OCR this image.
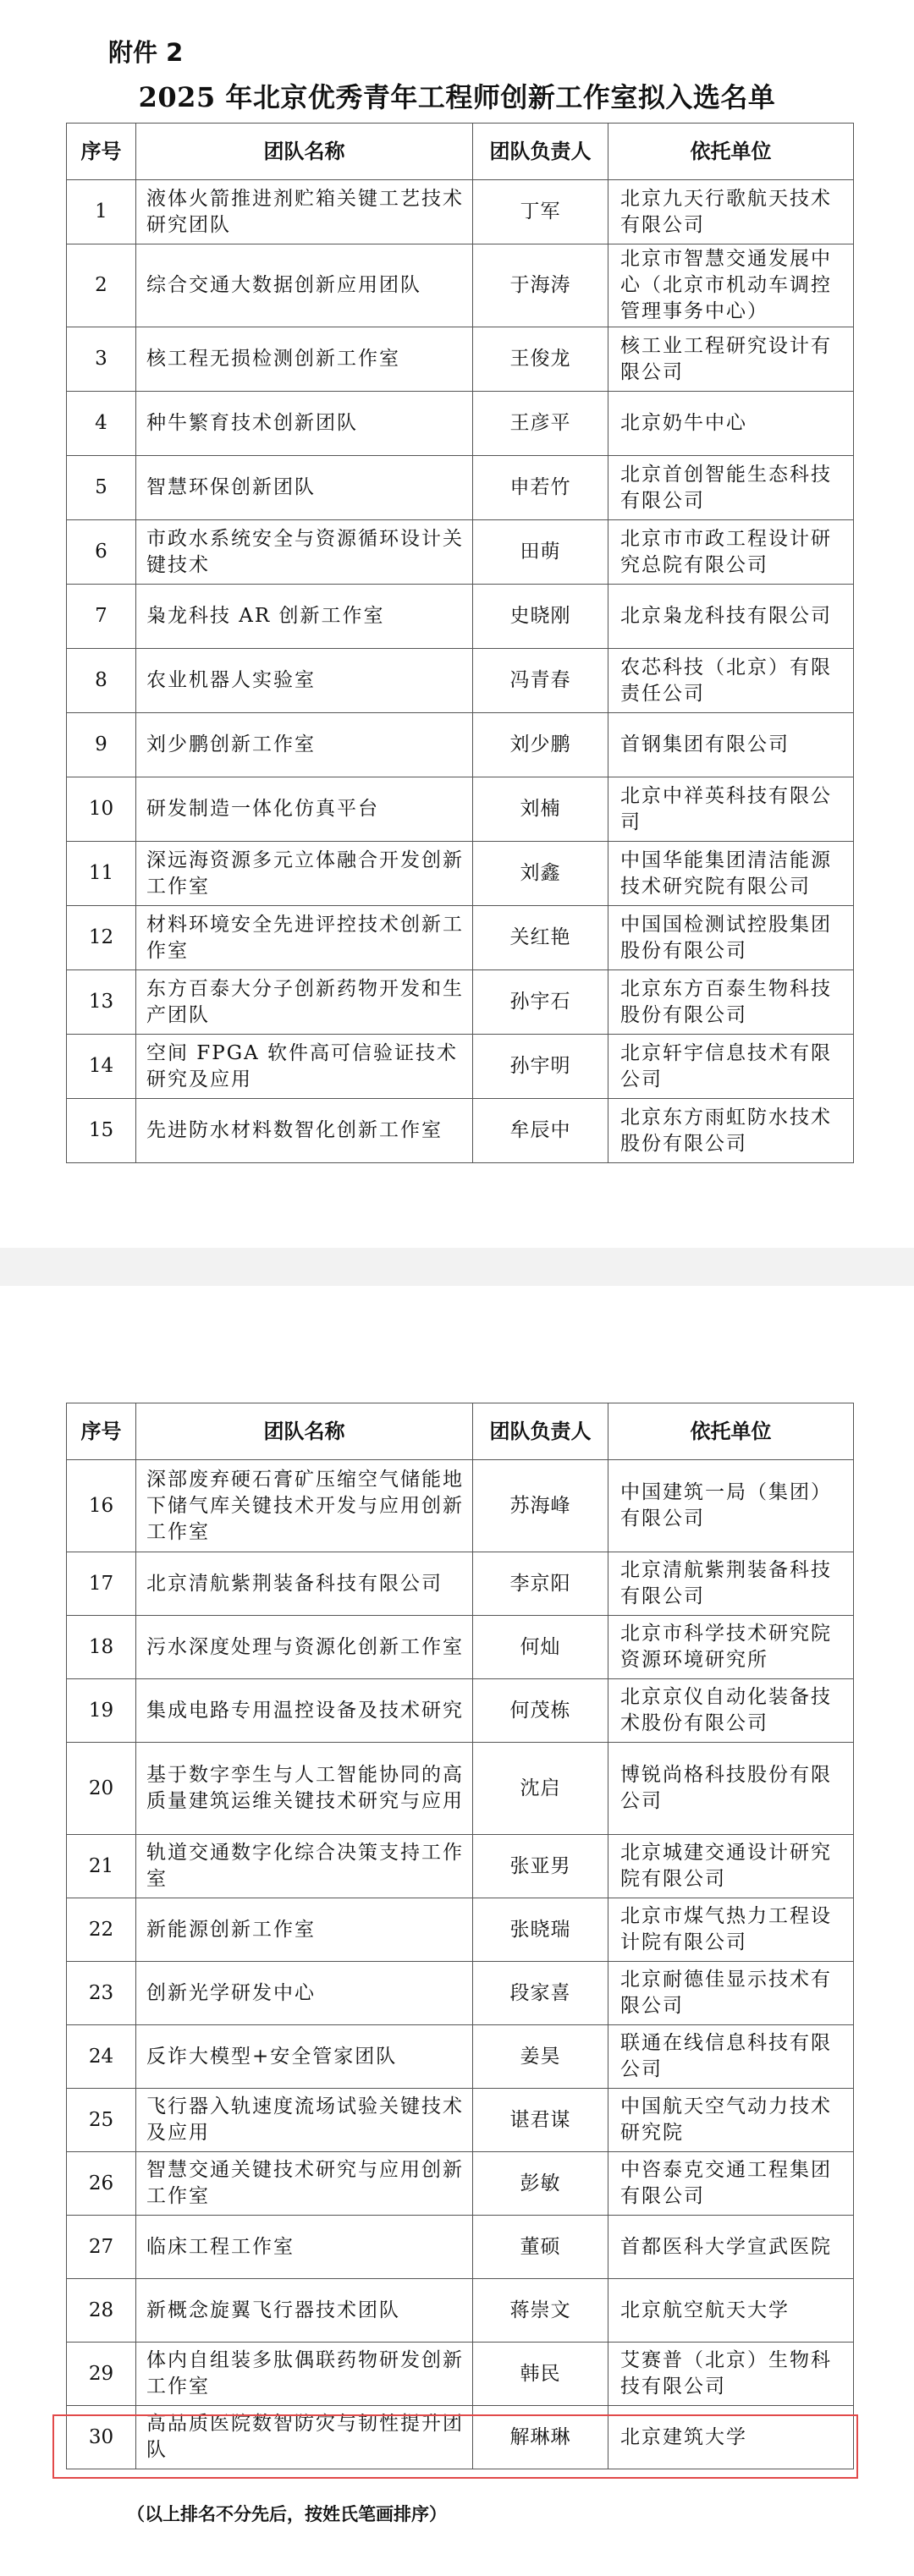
附件 2
2025 年北京优秀青年工程师创新工作室拟入选名单
序号	团队名称	团队负责人	依托单位
1	液体火箭推进剂贮箱关键工艺技术研究团队	丁军	北京九天行歌航天技术有限公司
2	综合交通大数据创新应用团队	于海涛	北京市智慧交通发展中心（北京市机动车调控管理事务中心）
3	核工程无损检测创新工作室	王俊龙	核工业工程研究设计有限公司
4	种牛繁育技术创新团队	王彦平	北京奶牛中心
5	智慧环保创新团队	申若竹	北京首创智能生态科技有限公司
6	市政水系统安全与资源循环设计关键技术	田萌	北京市市政工程设计研究总院有限公司
7	枭龙科技 AR 创新工作室	史晓刚	北京枭龙科技有限公司
8	农业机器人实验室	冯青春	农芯科技（北京）有限责任公司
9	刘少鹏创新工作室	刘少鹏	首钢集团有限公司
10	研发制造一体化仿真平台	刘楠	北京中祥英科技有限公司
11	深远海资源多元立体融合开发创新工作室	刘鑫	中国华能集团清洁能源技术研究院有限公司
12	材料环境安全先进评控技术创新工作室	关红艳	中国国检测试控股集团股份有限公司
13	东方百泰大分子创新药物开发和生产团队	孙宇石	北京东方百泰生物科技股份有限公司
14	空间 FPGA 软件高可信验证技术研究及应用	孙宇明	北京轩宇信息技术有限公司
15	先进防水材料数智化创新工作室	牟辰中	北京东方雨虹防水技术股份有限公司
序号	团队名称	团队负责人	依托单位
16	深部废弃硬石膏矿压缩空气储能地下储气库关键技术开发与应用创新工作室	苏海峰	中国建筑一局（集团）有限公司
17	北京清航紫荆装备科技有限公司	李京阳	北京清航紫荆装备科技有限公司
18	污水深度处理与资源化创新工作室	何灿	北京市科学技术研究院资源环境研究所
19	集成电路专用温控设备及技术研究	何茂栋	北京京仪自动化装备技术股份有限公司
20	基于数字孪生与人工智能协同的高质量建筑运维关键技术研究与应用	沈启	博锐尚格科技股份有限公司
21	轨道交通数字化综合决策支持工作室	张亚男	北京城建交通设计研究院有限公司
22	新能源创新工作室	张晓瑞	北京市煤气热力工程设计院有限公司
23	创新光学研发中心	段家喜	北京耐德佳显示技术有限公司
24	反诈大模型+安全管家团队	姜昊	联通在线信息科技有限公司
25	飞行器入轨速度流场试验关键技术及应用	谌君谋	中国航天空气动力技术研究院
26	智慧交通关键技术研究与应用创新工作室	彭敏	中咨泰克交通工程集团有限公司
27	临床工程工作室	董硕	首都医科大学宣武医院
28	新概念旋翼飞行器技术团队	蒋崇文	北京航空航天大学
29	体内自组装多肽偶联药物研发创新工作室	韩民	艾赛普（北京）生物科技有限公司
30	高品质医院数智防灾与韧性提升团队	解琳琳	北京建筑大学
（以上排名不分先后，按姓氏笔画排序）
